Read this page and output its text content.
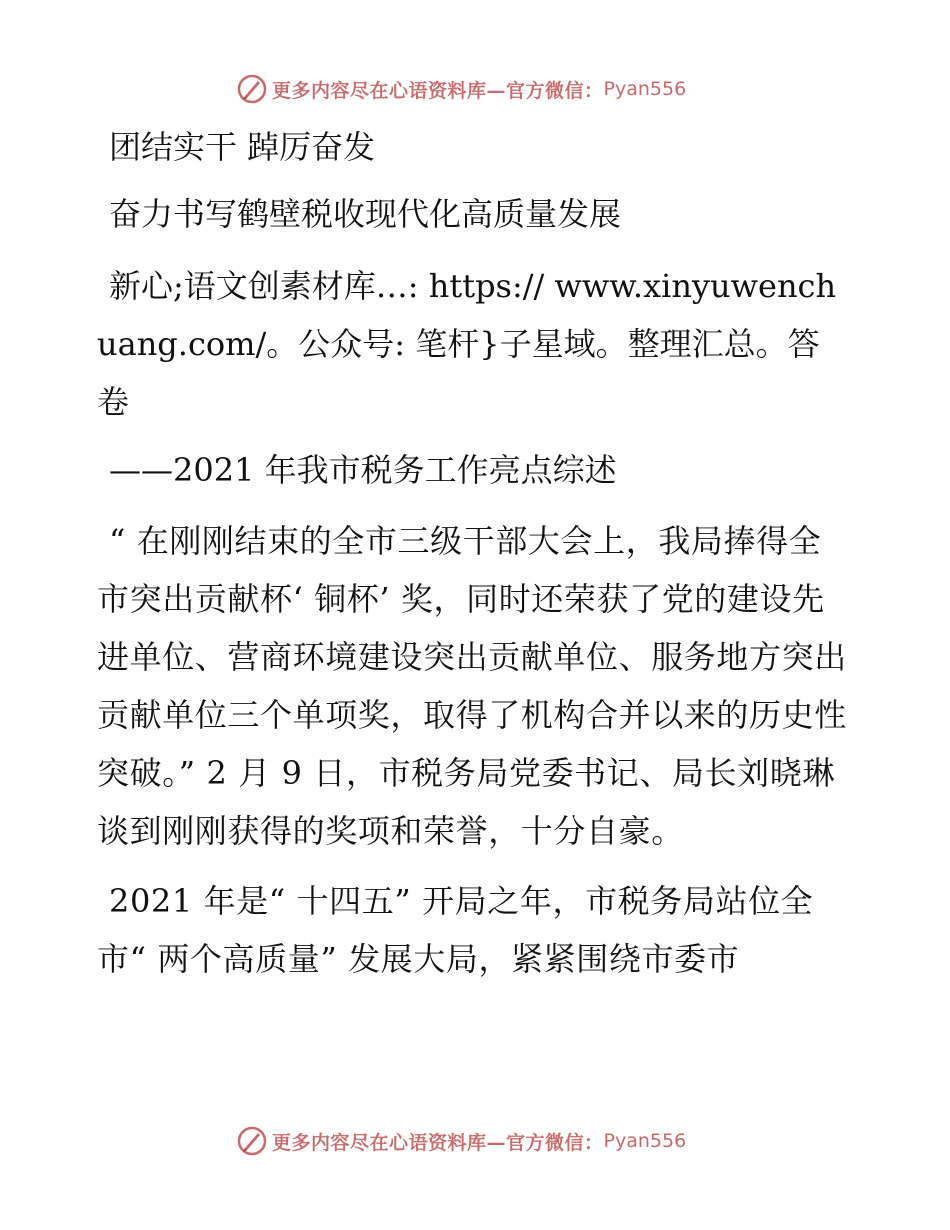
更多内容尽在心语资料库—官方微信： Pyan556

团结实干 踔厉奋发

奋力书写鹤壁税收现代化高质量发展

新心;语文创素材库…: https:// www.xinyuwenchuang.com/。公众号: 笔杆}子星域。整理汇总。答卷

——2021 年我市税务工作亮点综述

“ 在刚刚结束的全市三级干部大会上，我局捧得全市突出贡献杯‘ 铜杯’ 奖，同时还荣获了党的建设先进单位、营商环境建设突出贡献单位、服务地方突出贡献单位三个单项奖，取得了机构合并以来的历史性突破。” 2 月 9 日，市税务局党委书记、局长刘晓琳谈到刚刚获得的奖项和荣誉，十分自豪。

2021 年是“ 十四五” 开局之年，市税务局站位全市“ 两个高质量” 发展大局，紧紧围绕市委市

更多内容尽在心语资料库—官方微信： Pyan556
